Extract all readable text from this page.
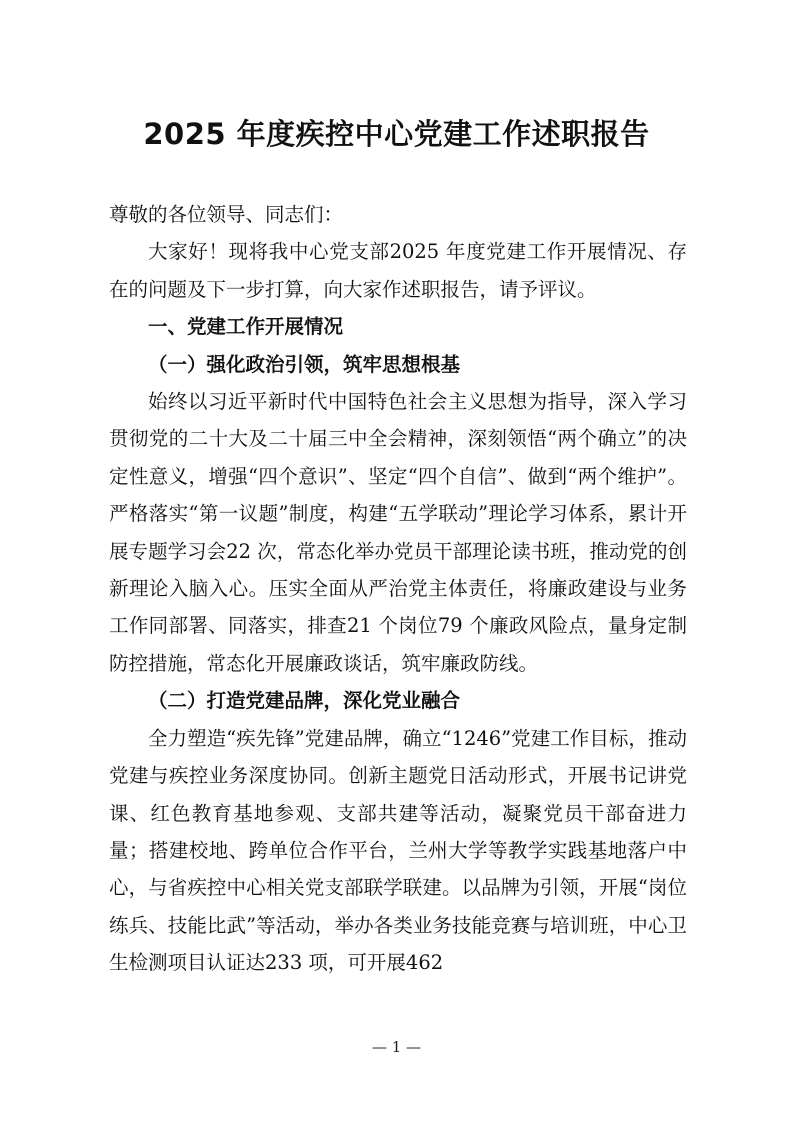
2025 年度疾控中心党建工作述职报告

尊敬的各位领导、同志们：

大家好！现将我中心党支部2025 年度党建工作开展情况、存在的问题及下一步打算，向大家作述职报告，请予评议。

一、党建工作开展情况

（一）强化政治引领，筑牢思想根基

始终以习近平新时代中国特色社会主义思想为指导，深入学习贯彻党的二十大及二十届三中全会精神，深刻领悟“两个确立”的决定性意义，增强“四个意识”、坚定“四个自信”、做到“两个维护”。严格落实“第一议题”制度，构建“五学联动”理论学习体系，累计开展专题学习会22 次，常态化举办党员干部理论读书班，推动党的创新理论入脑入心。压实全面从严治党主体责任，将廉政建设与业务工作同部署、同落实，排查21 个岗位79 个廉政风险点，量身定制防控措施，常态化开展廉政谈话，筑牢廉政防线。

（二）打造党建品牌，深化党业融合

全力塑造“疾先锋”党建品牌，确立“1246”党建工作目标，推动党建与疾控业务深度协同。创新主题党日活动形式，开展书记讲党课、红色教育基地参观、支部共建等活动，凝聚党员干部奋进力量；搭建校地、跨单位合作平台，兰州大学等教学实践基地落户中心，与省疾控中心相关党支部联学联建。以品牌为引领，开展“岗位练兵、技能比武”等活动，举办各类业务技能竞赛与培训班，中心卫生检测项目认证达233 项，可开展462

— 1 —
